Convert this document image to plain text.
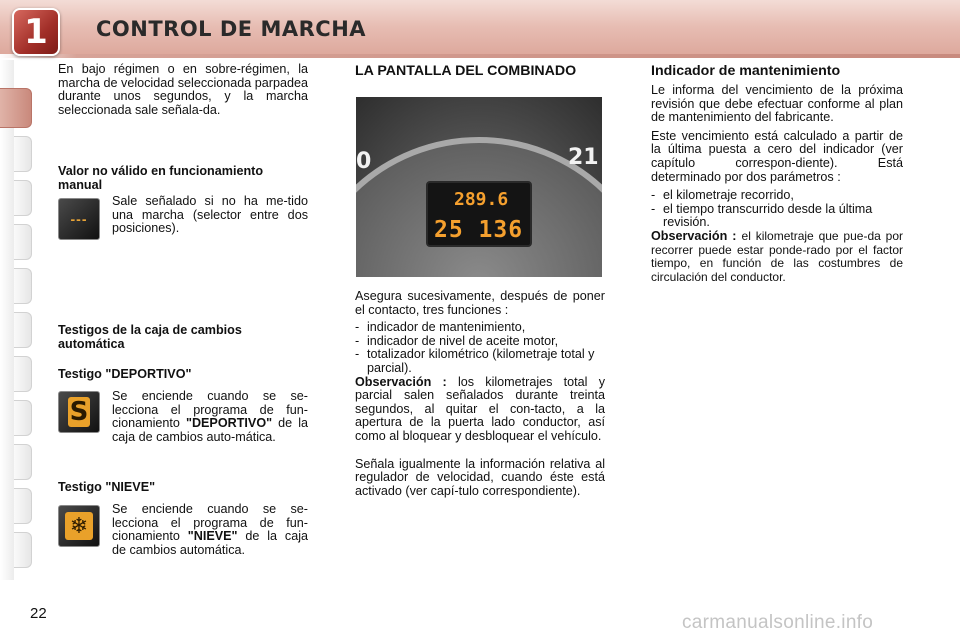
1 CONTROL DE MARCHA

En bajo régimen o en sobre-régimen, la marcha de velocidad seleccionada parpadea durante unos segundos, y la marcha seleccionada sale señala-da.

Valor no válido en funcionamiento manual
---

Sale señalado si no ha me-tido una marcha (selector entre dos posiciones).

Testigos de la caja de cambios automática
Testigo "DEPORTIVO"
S

Se enciende cuando se se-lecciona el programa de fun-cionamiento "DEPORTIVO" de la caja de cambios auto-mática.

Testigo "NIEVE"
❄

Se enciende cuando se se-lecciona el programa de fun-cionamiento "NIEVE" de la caja de cambios automática.

LA PANTALLA DEL COMBINADO
0	21
289.6
25 136

Asegura sucesivamente, después de poner el contacto, tres funciones :

- indicador de mantenimiento,
- indicador de nivel de aceite motor,
- totalizador kilométrico (kilometraje total y parcial).

Observación : los kilometrajes total y parcial salen señalados durante treinta segundos, al quitar el con-tacto, a la apertura de la puerta lado conductor, así como al bloquear y desbloquear el vehículo.

Señala igualmente la información relativa al regulador de velocidad, cuando éste está activado (ver capí-tulo correspondiente).

Indicador de mantenimiento

Le informa del vencimiento de la próxima revisión que debe efectuar conforme al plan de mantenimiento del fabricante.

Este vencimiento está calculado a partir de la última puesta a cero del indicador (ver capítulo correspon-diente). Está determinado por dos parámetros :

- el kilometraje recorrido,
- el tiempo transcurrido desde la última revisión.

Observación : el kilometraje que pue-da por recorrer puede estar ponde-rado por el factor tiempo, en función de las costumbres de circulación del conductor.

22	carmanualsonline.info
